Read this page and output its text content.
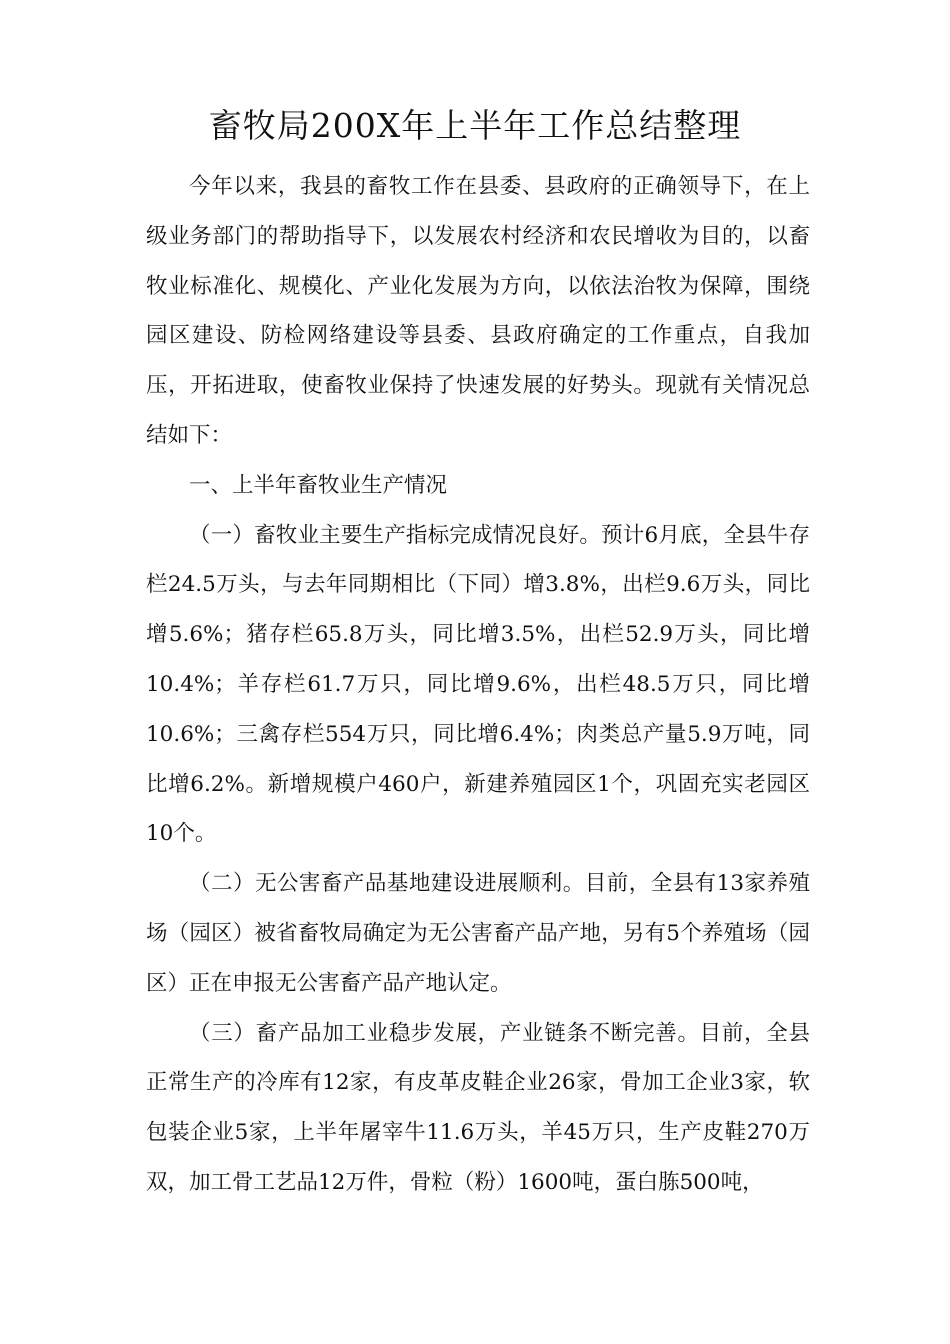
畜牧局200X年上半年工作总结整理

今年以来，我县的畜牧工作在县委、县政府的正确领导下，在上级业务部门的帮助指导下，以发展农村经济和农民增收为目的，以畜牧业标准化、规模化、产业化发展为方向，以依法治牧为保障，围绕园区建设、防检网络建设等县委、县政府确定的工作重点，自我加压，开拓进取，使畜牧业保持了快速发展的好势头。现就有关情况总结如下：

一、上半年畜牧业生产情况

（一）畜牧业主要生产指标完成情况良好。预计6月底，全县牛存栏24.5万头，与去年同期相比（下同）增3.8%，出栏9.6万头，同比增5.6%；猪存栏65.8万头，同比增3.5%，出栏52.9万头，同比增10.4%；羊存栏61.7万只，同比增9.6%，出栏48.5万只，同比增10.6%；三禽存栏554万只，同比增6.4%；肉类总产量5.9万吨，同比增6.2%。新增规模户460户，新建养殖园区1个，巩固充实老园区10个。

（二）无公害畜产品基地建设进展顺利。目前，全县有13家养殖场（园区）被省畜牧局确定为无公害畜产品产地，另有5个养殖场（园区）正在申报无公害畜产品产地认定。

（三）畜产品加工业稳步发展，产业链条不断完善。目前，全县正常生产的冷库有12家，有皮革皮鞋企业26家，骨加工企业3家，软包装企业5家，上半年屠宰牛11.6万头，羊45万只，生产皮鞋270万双，加工骨工艺品12万件，骨粒（粉）1600吨，蛋白胨500吨，
